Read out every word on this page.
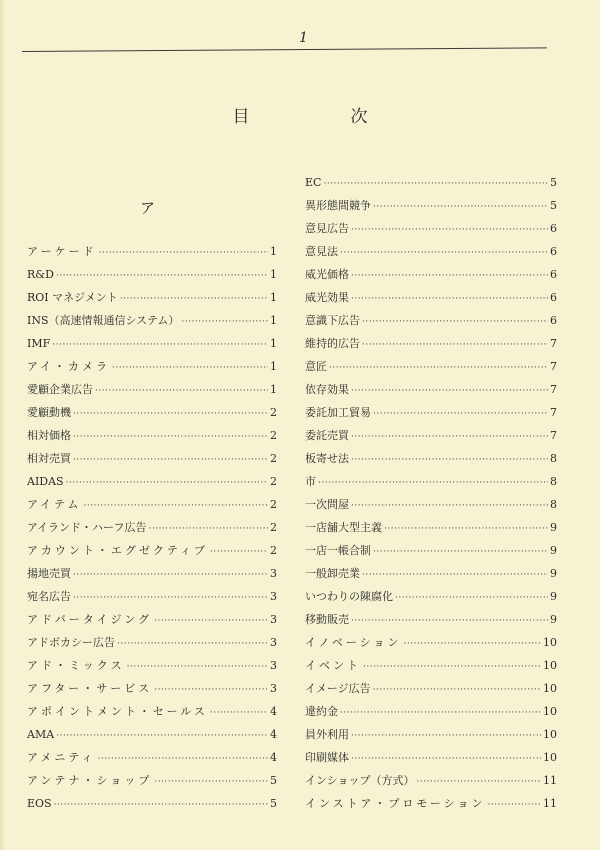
1
目　次
ア
アーケード ·····	1
R&D ·····	1
ROI マネジメント ·····	1
INS（高速情報通信システム） ·····	1
IMF ·····	1
アイ・カメラ ·····	1
愛顧企業広告 ·····	1
愛顧動機 ·····	2
相対価格 ·····	2
相対売買 ·····	2
AIDAS ·····	2
アイテム ·····	2
アイランド・ハーフ広告 ·····	2
アカウント・エグゼクティブ ·····	2
揚地売買 ·····	3
宛名広告 ·····	3
アドバータイジング ·····	3
アドボカシー広告 ·····	3
アド・ミックス ·····	3
アフター・サービス ·····	3
アポイントメント・セールス ·····	4
AMA ·····	4
アメニティ ·····	4
アンテナ・ショップ ·····	5
EOS ·····	5
EC ·····	5
異形態間競争 ·····	5
意見広告 ·····	6
意見法 ·····	6
威光価格 ·····	6
威光効果 ·····	6
意識下広告 ·····	6
維持的広告 ·····	7
意匠 ·····	7
依存効果 ·····	7
委託加工貿易 ·····	7
委託売買 ·····	7
板寄せ法 ·····	8
市 ·····	8
一次問屋 ·····	8
一店舗大型主義 ·····	9
一店一帳合制 ·····	9
一般卸売業 ·····	9
いつわりの陳腐化 ·····	9
移動販売 ·····	9
イノベーション ·····	10
イベント ·····	10
イメージ広告 ·····	10
違約金 ·····	10
員外利用 ·····	10
印刷媒体 ·····	10
インショップ（方式） ·····	11
インストア・プロモーション ·····	11
